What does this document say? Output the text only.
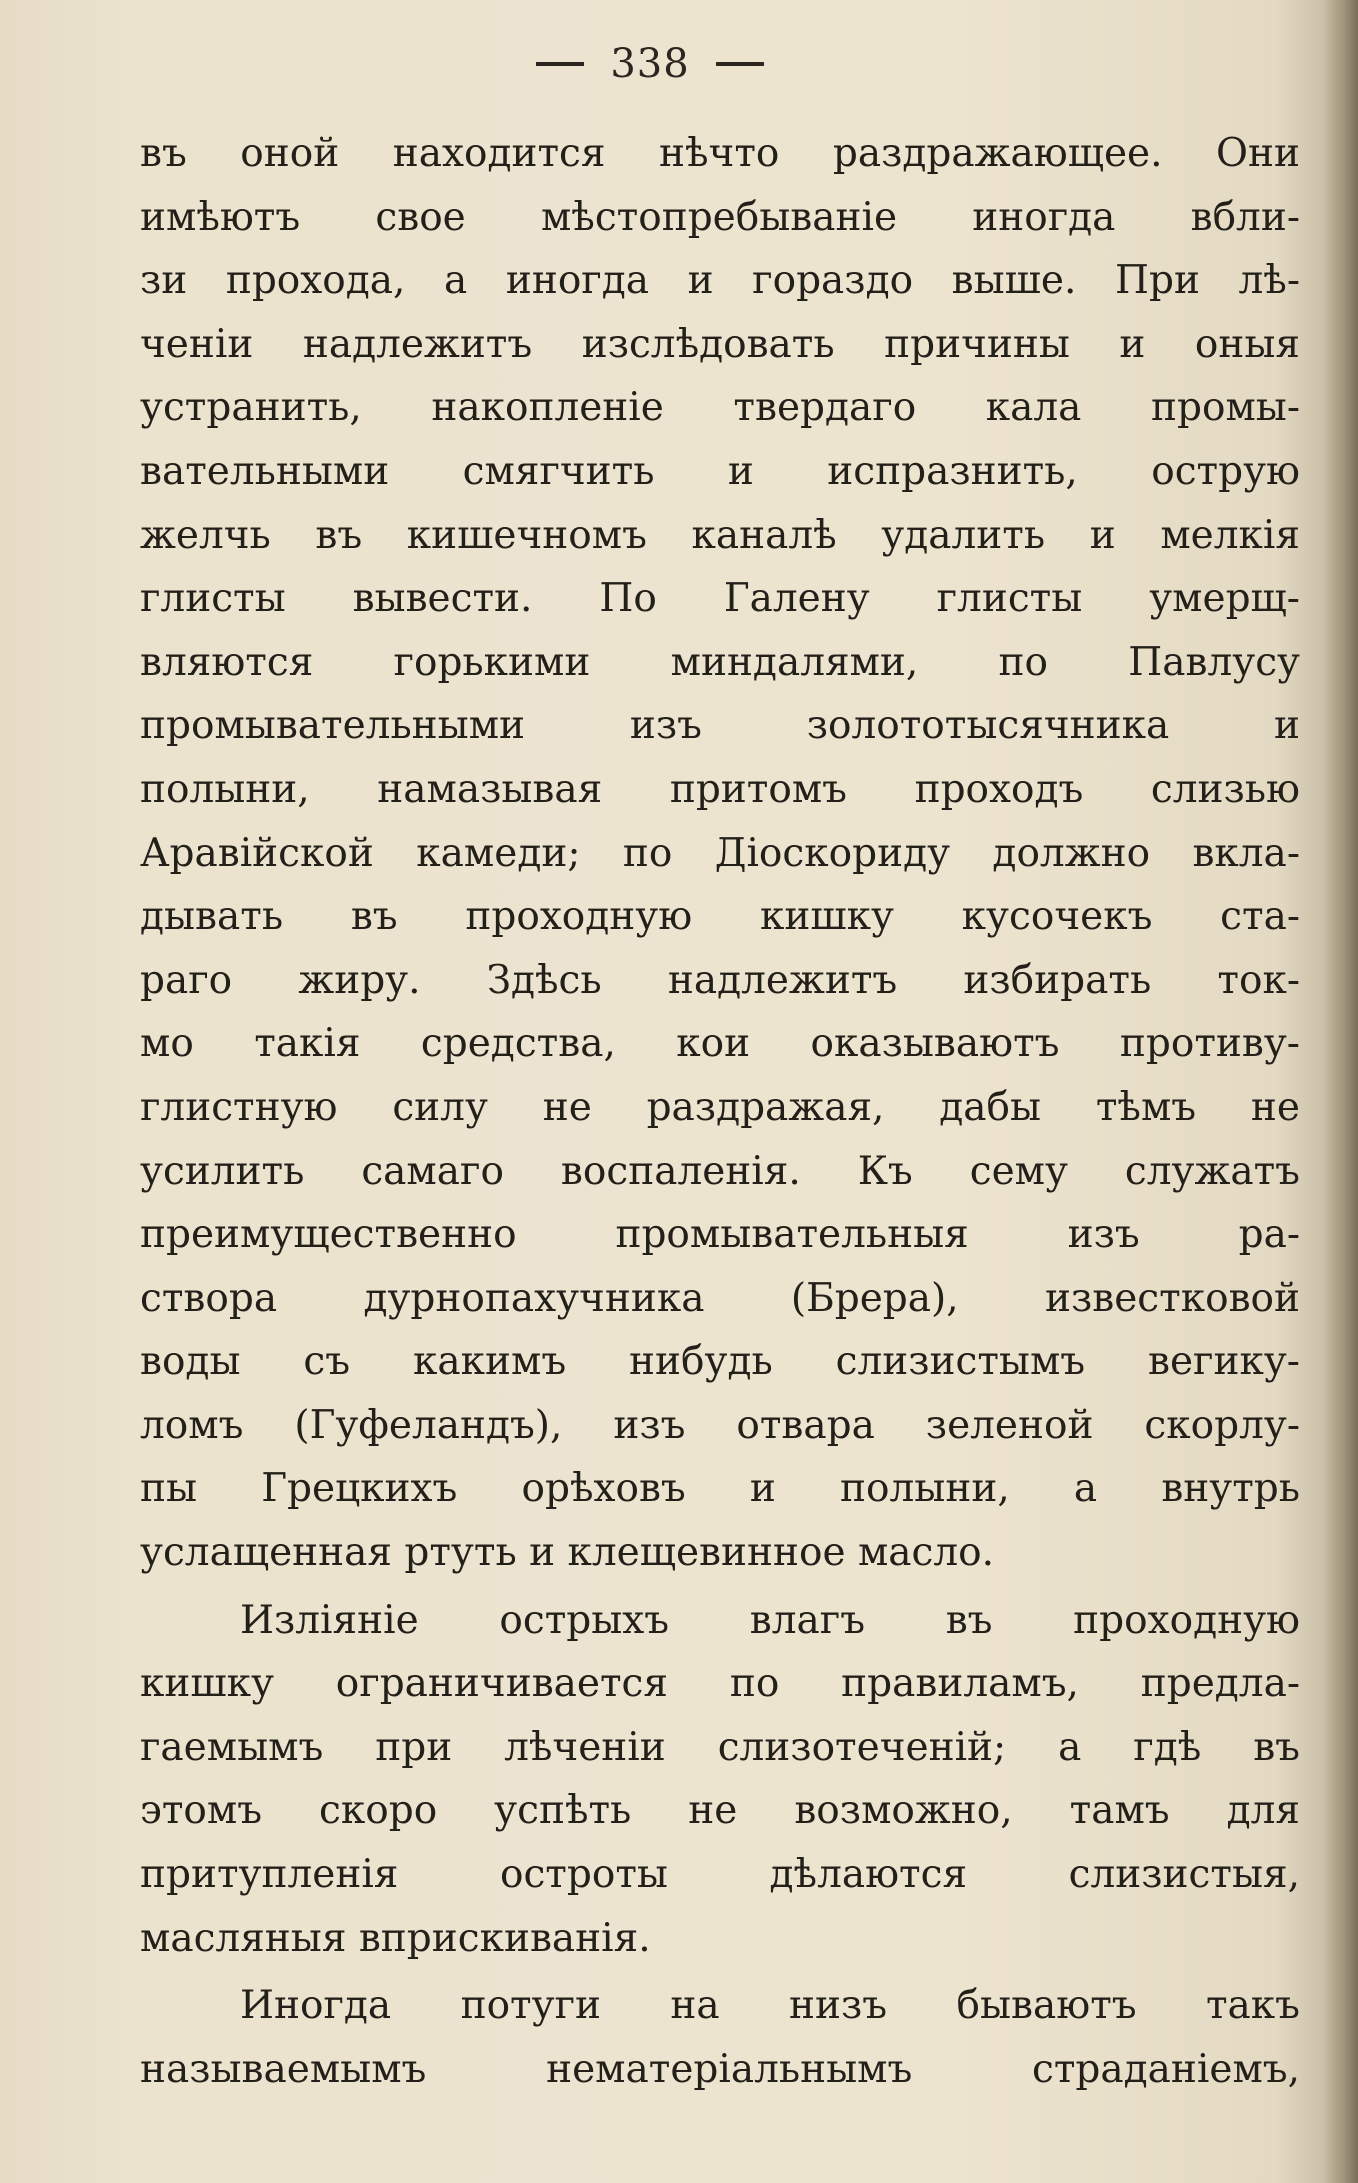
338
въ оной находится нѣчто раздражающее. Они
имѣютъ свое мѣстопребываніе иногда вбли-
зи прохода, а иногда и гораздо выше. При лѣ-
ченіи надлежитъ изслѣдовать причины и оныя
устранить, накопленіе твердаго кала промы-
вательными смягчить и испразнить, острую
желчь въ кишечномъ каналѣ удалить и мелкія
глисты вывести. По Галену глисты умерщ-
вляются горькими миндалями, по Павлусу
промывательными изъ золототысячника и
полыни, намазывая притомъ проходъ слизью
Аравійской камеди; по Діоскориду должно вкла-
дывать въ проходную кишку кусочекъ ста-
раго жиру. Здѣсь надлежитъ избирать ток-
мо такія средства, кои оказываютъ противу-
глистную силу не раздражая, дабы тѣмъ не
усилить самаго воспаленія. Къ сему служатъ
преимущественно промывательныя изъ ра-
створа дурнопахучника (Брера), известковой
воды съ какимъ нибудь слизистымъ вегику-
ломъ (Гуфеландъ), изъ отвара зеленой скорлу-
пы Грецкихъ орѣховъ и полыни, а внутрь
услащенная ртуть и клещевинное масло.
Изліяніе острыхъ влагъ въ проходную
кишку ограничивается по правиламъ, предла-
гаемымъ при лѣченіи слизотеченій; а гдѣ въ
этомъ скоро успѣть не возможно, тамъ для
притупленія остроты дѣлаются слизистыя,
масляныя вприскиванія.
Иногда потуги на низъ бываютъ такъ
называемымъ нематеріальнымъ страданіемъ,
